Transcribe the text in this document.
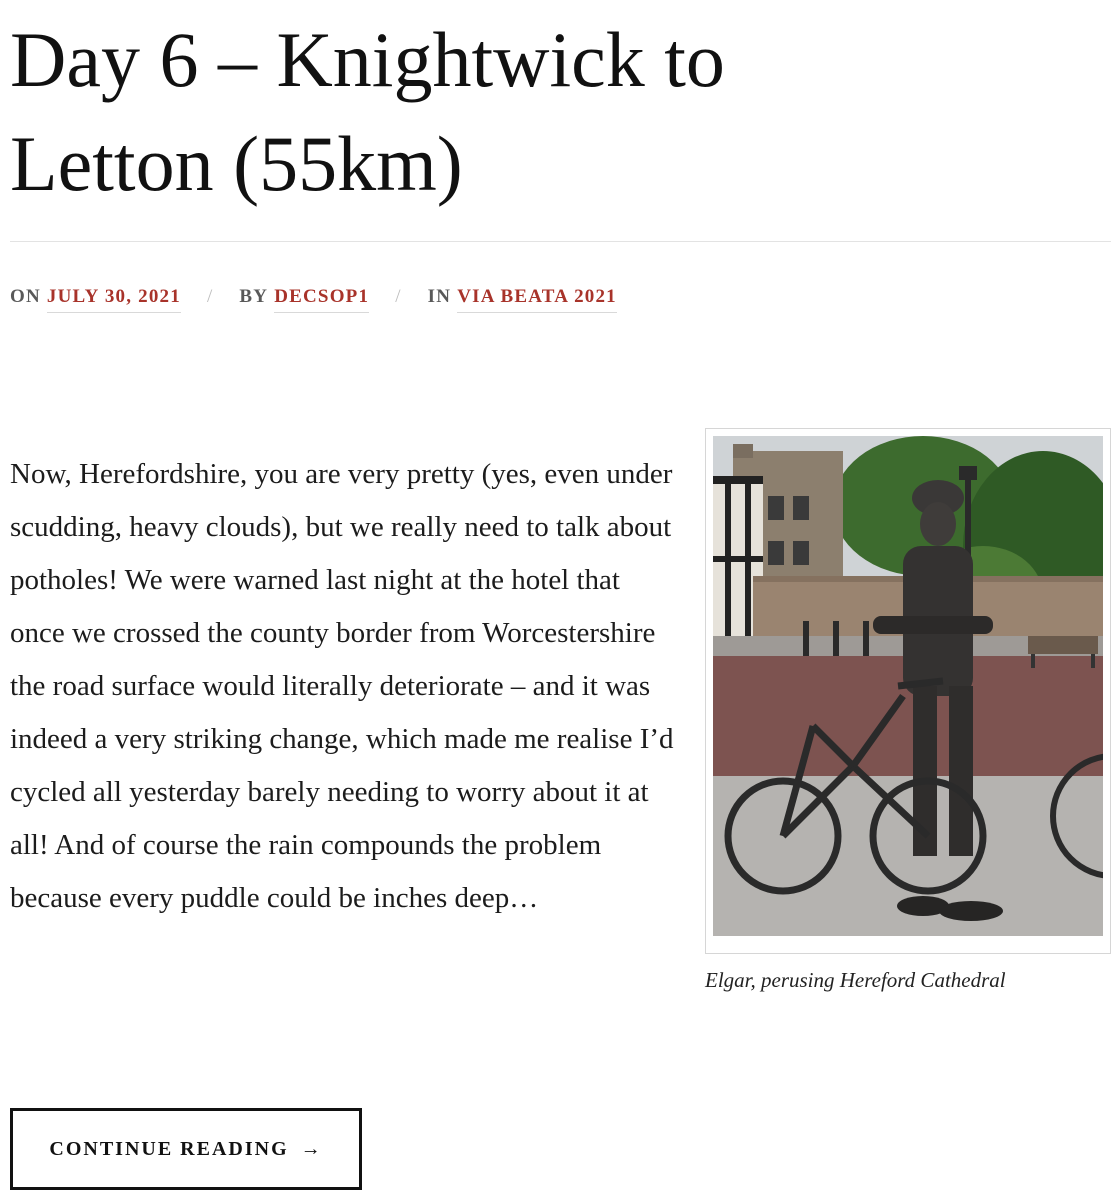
Day 6 – Knightwick to Letton (55km)
ON JULY 30, 2021 / BY DECSOP1 / IN VIA BEATA 2021

Now, Herefordshire, you are very pretty (yes, even under scudding, heavy clouds), but we really need to talk about potholes! We were warned last night at the hotel that once we crossed the county border from Worcestershire the road surface would literally deteriorate – and it was indeed a very striking change, which made me realise I’d cycled all yesterday barely needing to worry about it at all! And of course the rain compounds the problem because every puddle could be inches deep…

Elgar, perusing Hereford Cathedral
CONTINUE READING →
